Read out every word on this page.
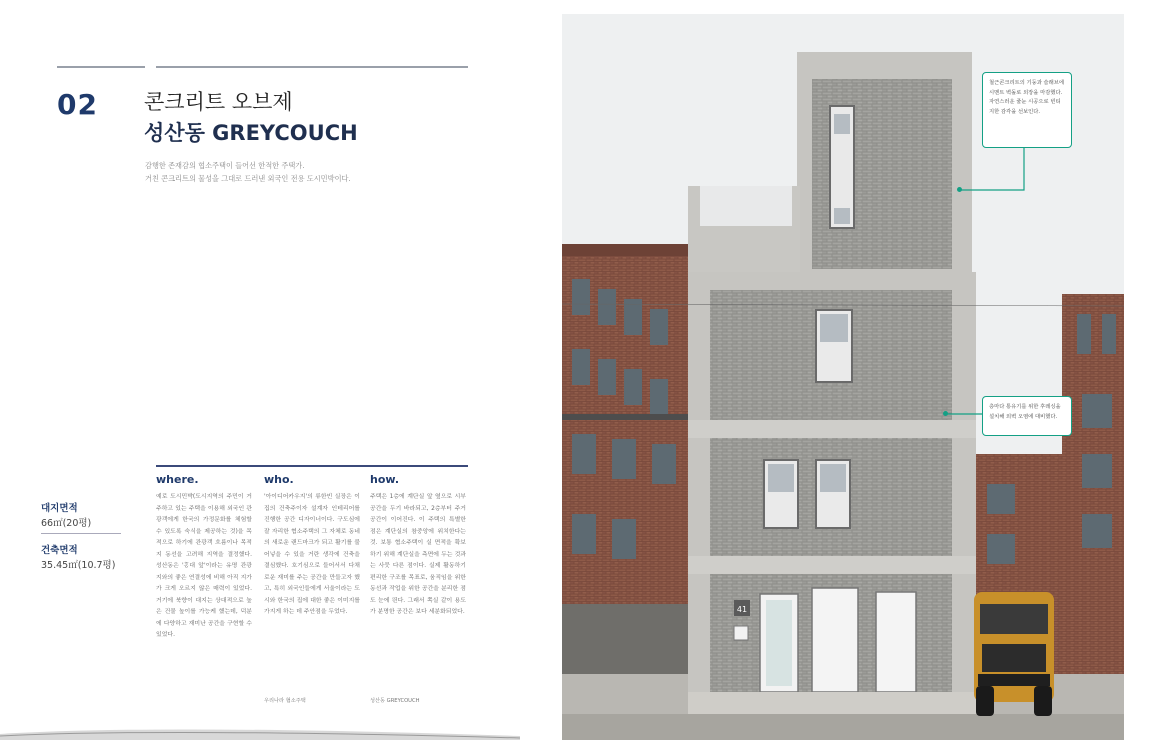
02 콘크리트 오브제
성산동 GREYCOUCH
감행한 존재감의 협소주택이 들어선 한적한 주택가.
거친 콘크리트의 물성을 그대로 드러낸 외국인 전용 도시민박이다.
대지면적
66㎡(20평)
건축면적
35.45㎡(10.7평)
where.
예로 도시민박(도시지역의 주민이 거주하고 있는 주택을 이용해 외국인 관광객에게 한국의 가정문화를 체험할 수 있도록 숙식을 제공하는 것)을 목적으로 하기에 관광객 흐름이나 목적지 동선을 고려해 지역을 결정했다. 성산동은 '홍대 앞'이라는 유명 관광지와의 좋은 연결성에 비해 아직 지가가 크게 오르지 않은 매력이 있었다. 거기에 북향이 대지는 상대적으로 높은 건물 높이를 가능케 했는데, 덕분에 다양하고 재미난 공간을 구현할 수 있었다.
who.
'아이디어카우지'의 류한빈 실장은 이 집의 건축주이자 설계자 인테리어를 진행한 공간 디자이너이다. 구도심에 잘 자리한 협소주택의 그 자체로 동네의 새로운 랜드마크가 되고 활기를 불어넣을 수 있을 거란 생각에 건축을 결심했다. 호기심으로 들어서서 다채로운 재미를 주는 공간을 만들고자 했고, 특히 외국인들에게 서울이라는 도시와 한국의 집에 대한 좋은 이미지를 가지게 하는 데 주안점을 두었다.
how.
주택은 1층에 계단실 앞 옆으로 시부공간을 두기 바라되고, 2층부터 주거공간이 이어진다. 이 주택의 특별한 점은 계단실의 참중앙에 위치한다는 것. 보통 협소주택이 실 면적을 확보하기 위해 계단실을 측면에 두는 것과는 사뭇 다른 점이다. 실제 활동하기 편리한 구조를 목표로, 움직임을 위한 동선과 작업을 위한 공간을 분리한 점도 눈에 띈다. 그래서 쪽실 같이 용도가 분명한 공간은 보다 세분화되었다.
우리나라 협소주택	성산동 GREYCOUCH
41
철근콘크리트의 기둥과 슬래브에 시멘트 벽돌로 외장을 마감했다. 자연스러운 줄눈 시공으로 빈티지한 감각을 선보인다.
층마다 통유기를 위한 후레싱을 설치해 외벽 오염에 대비했다.
